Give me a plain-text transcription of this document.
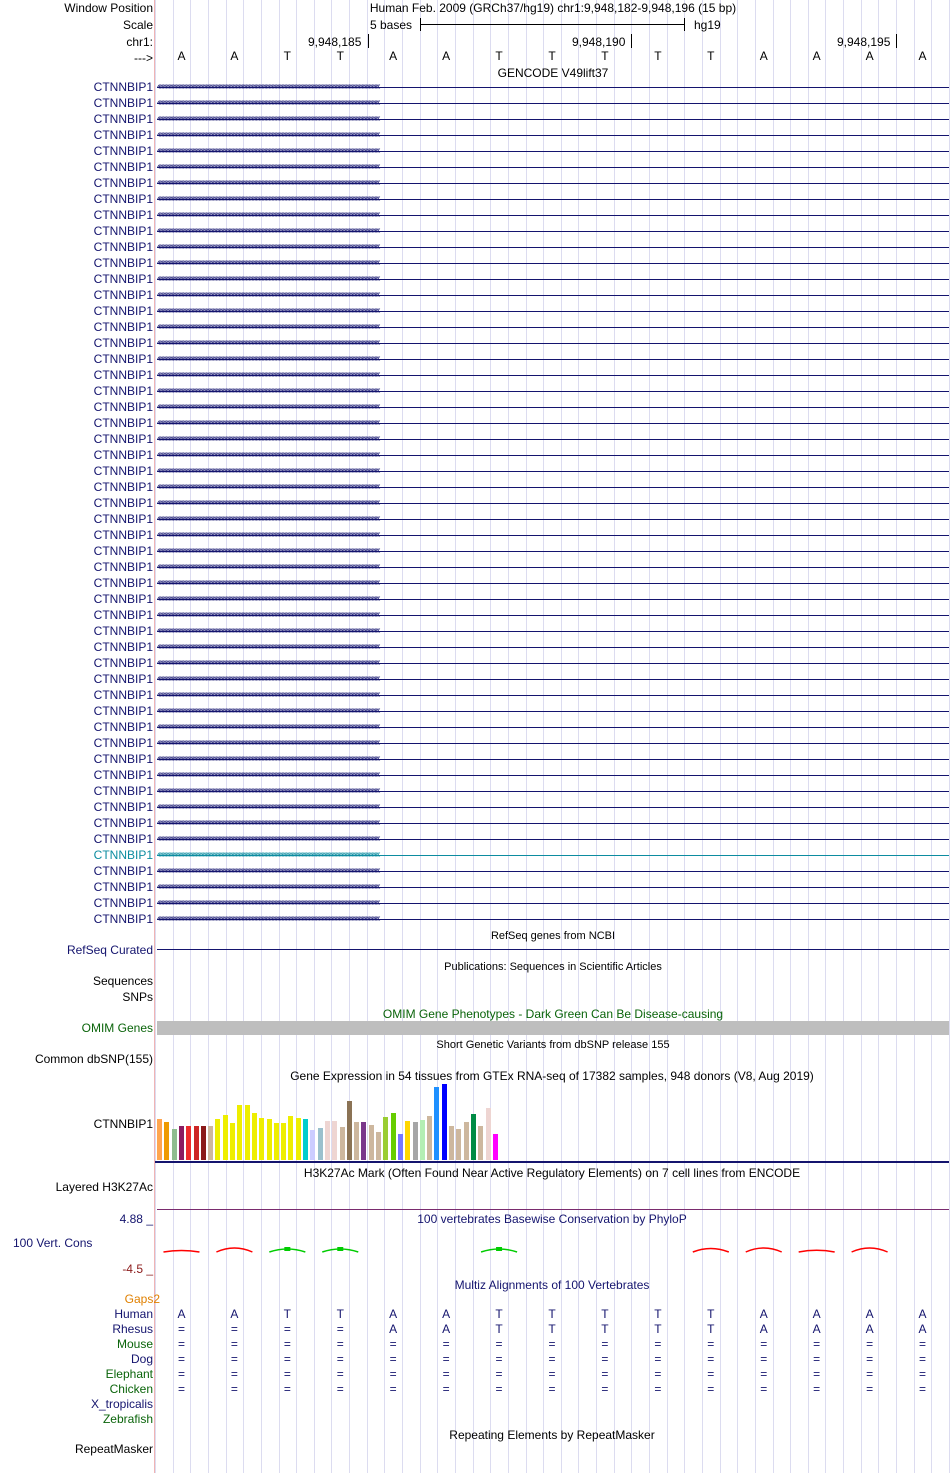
Window Position
Scale
chr1:
--->
Human Feb. 2009 (GRCh37/hg19) chr1:9,948,182-9,948,196 (15 bp)
5 bases	hg19
9,948,185	9,948,190	9,948,195
A	A	T	T	A	A	T	T	T	T	T	A	A	A	A
GENCODE V49lift37
CTNNBIP1 ‹‹‹‹‹‹‹‹‹‹‹‹‹‹‹‹‹‹‹‹‹‹‹‹‹‹‹‹‹‹‹‹‹‹‹‹‹‹‹‹‹‹‹‹‹‹‹‹‹‹‹‹‹‹‹‹‹‹‹‹‹‹‹‹‹‹‹‹‹‹‹‹‹‹‹‹‹‹‹‹‹‹‹‹‹‹‹‹‹‹‹‹‹‹‹‹‹‹‹‹‹‹‹‹‹‹‹‹‹‹‹‹‹‹‹‹‹‹‹‹‹‹‹‹‹‹‹‹‹‹‹‹‹‹‹‹‹‹‹‹‹‹‹‹‹‹‹‹‹‹‹‹‹‹‹
CTNNBIP1 ‹‹‹‹‹‹‹‹‹‹‹‹‹‹‹‹‹‹‹‹‹‹‹‹‹‹‹‹‹‹‹‹‹‹‹‹‹‹‹‹‹‹‹‹‹‹‹‹‹‹‹‹‹‹‹‹‹‹‹‹‹‹‹‹‹‹‹‹‹‹‹‹‹‹‹‹‹‹‹‹‹‹‹‹‹‹‹‹‹‹‹‹‹‹‹‹‹‹‹‹‹‹‹‹‹‹‹‹‹‹‹‹‹‹‹‹‹‹‹‹‹‹‹‹‹‹‹‹‹‹‹‹‹‹‹‹‹‹‹‹‹‹‹‹‹‹‹‹‹‹‹‹‹‹‹
CTNNBIP1 ‹‹‹‹‹‹‹‹‹‹‹‹‹‹‹‹‹‹‹‹‹‹‹‹‹‹‹‹‹‹‹‹‹‹‹‹‹‹‹‹‹‹‹‹‹‹‹‹‹‹‹‹‹‹‹‹‹‹‹‹‹‹‹‹‹‹‹‹‹‹‹‹‹‹‹‹‹‹‹‹‹‹‹‹‹‹‹‹‹‹‹‹‹‹‹‹‹‹‹‹‹‹‹‹‹‹‹‹‹‹‹‹‹‹‹‹‹‹‹‹‹‹‹‹‹‹‹‹‹‹‹‹‹‹‹‹‹‹‹‹‹‹‹‹‹‹‹‹‹‹‹‹‹‹‹
CTNNBIP1 ‹‹‹‹‹‹‹‹‹‹‹‹‹‹‹‹‹‹‹‹‹‹‹‹‹‹‹‹‹‹‹‹‹‹‹‹‹‹‹‹‹‹‹‹‹‹‹‹‹‹‹‹‹‹‹‹‹‹‹‹‹‹‹‹‹‹‹‹‹‹‹‹‹‹‹‹‹‹‹‹‹‹‹‹‹‹‹‹‹‹‹‹‹‹‹‹‹‹‹‹‹‹‹‹‹‹‹‹‹‹‹‹‹‹‹‹‹‹‹‹‹‹‹‹‹‹‹‹‹‹‹‹‹‹‹‹‹‹‹‹‹‹‹‹‹‹‹‹‹‹‹‹‹‹‹
CTNNBIP1 ‹‹‹‹‹‹‹‹‹‹‹‹‹‹‹‹‹‹‹‹‹‹‹‹‹‹‹‹‹‹‹‹‹‹‹‹‹‹‹‹‹‹‹‹‹‹‹‹‹‹‹‹‹‹‹‹‹‹‹‹‹‹‹‹‹‹‹‹‹‹‹‹‹‹‹‹‹‹‹‹‹‹‹‹‹‹‹‹‹‹‹‹‹‹‹‹‹‹‹‹‹‹‹‹‹‹‹‹‹‹‹‹‹‹‹‹‹‹‹‹‹‹‹‹‹‹‹‹‹‹‹‹‹‹‹‹‹‹‹‹‹‹‹‹‹‹‹‹‹‹‹‹‹‹‹
CTNNBIP1 ‹‹‹‹‹‹‹‹‹‹‹‹‹‹‹‹‹‹‹‹‹‹‹‹‹‹‹‹‹‹‹‹‹‹‹‹‹‹‹‹‹‹‹‹‹‹‹‹‹‹‹‹‹‹‹‹‹‹‹‹‹‹‹‹‹‹‹‹‹‹‹‹‹‹‹‹‹‹‹‹‹‹‹‹‹‹‹‹‹‹‹‹‹‹‹‹‹‹‹‹‹‹‹‹‹‹‹‹‹‹‹‹‹‹‹‹‹‹‹‹‹‹‹‹‹‹‹‹‹‹‹‹‹‹‹‹‹‹‹‹‹‹‹‹‹‹‹‹‹‹‹‹‹‹‹
CTNNBIP1 ‹‹‹‹‹‹‹‹‹‹‹‹‹‹‹‹‹‹‹‹‹‹‹‹‹‹‹‹‹‹‹‹‹‹‹‹‹‹‹‹‹‹‹‹‹‹‹‹‹‹‹‹‹‹‹‹‹‹‹‹‹‹‹‹‹‹‹‹‹‹‹‹‹‹‹‹‹‹‹‹‹‹‹‹‹‹‹‹‹‹‹‹‹‹‹‹‹‹‹‹‹‹‹‹‹‹‹‹‹‹‹‹‹‹‹‹‹‹‹‹‹‹‹‹‹‹‹‹‹‹‹‹‹‹‹‹‹‹‹‹‹‹‹‹‹‹‹‹‹‹‹‹‹‹‹
CTNNBIP1 ‹‹‹‹‹‹‹‹‹‹‹‹‹‹‹‹‹‹‹‹‹‹‹‹‹‹‹‹‹‹‹‹‹‹‹‹‹‹‹‹‹‹‹‹‹‹‹‹‹‹‹‹‹‹‹‹‹‹‹‹‹‹‹‹‹‹‹‹‹‹‹‹‹‹‹‹‹‹‹‹‹‹‹‹‹‹‹‹‹‹‹‹‹‹‹‹‹‹‹‹‹‹‹‹‹‹‹‹‹‹‹‹‹‹‹‹‹‹‹‹‹‹‹‹‹‹‹‹‹‹‹‹‹‹‹‹‹‹‹‹‹‹‹‹‹‹‹‹‹‹‹‹‹‹‹
CTNNBIP1 ‹‹‹‹‹‹‹‹‹‹‹‹‹‹‹‹‹‹‹‹‹‹‹‹‹‹‹‹‹‹‹‹‹‹‹‹‹‹‹‹‹‹‹‹‹‹‹‹‹‹‹‹‹‹‹‹‹‹‹‹‹‹‹‹‹‹‹‹‹‹‹‹‹‹‹‹‹‹‹‹‹‹‹‹‹‹‹‹‹‹‹‹‹‹‹‹‹‹‹‹‹‹‹‹‹‹‹‹‹‹‹‹‹‹‹‹‹‹‹‹‹‹‹‹‹‹‹‹‹‹‹‹‹‹‹‹‹‹‹‹‹‹‹‹‹‹‹‹‹‹‹‹‹‹‹
CTNNBIP1 ‹‹‹‹‹‹‹‹‹‹‹‹‹‹‹‹‹‹‹‹‹‹‹‹‹‹‹‹‹‹‹‹‹‹‹‹‹‹‹‹‹‹‹‹‹‹‹‹‹‹‹‹‹‹‹‹‹‹‹‹‹‹‹‹‹‹‹‹‹‹‹‹‹‹‹‹‹‹‹‹‹‹‹‹‹‹‹‹‹‹‹‹‹‹‹‹‹‹‹‹‹‹‹‹‹‹‹‹‹‹‹‹‹‹‹‹‹‹‹‹‹‹‹‹‹‹‹‹‹‹‹‹‹‹‹‹‹‹‹‹‹‹‹‹‹‹‹‹‹‹‹‹‹‹‹
CTNNBIP1 ‹‹‹‹‹‹‹‹‹‹‹‹‹‹‹‹‹‹‹‹‹‹‹‹‹‹‹‹‹‹‹‹‹‹‹‹‹‹‹‹‹‹‹‹‹‹‹‹‹‹‹‹‹‹‹‹‹‹‹‹‹‹‹‹‹‹‹‹‹‹‹‹‹‹‹‹‹‹‹‹‹‹‹‹‹‹‹‹‹‹‹‹‹‹‹‹‹‹‹‹‹‹‹‹‹‹‹‹‹‹‹‹‹‹‹‹‹‹‹‹‹‹‹‹‹‹‹‹‹‹‹‹‹‹‹‹‹‹‹‹‹‹‹‹‹‹‹‹‹‹‹‹‹‹‹
CTNNBIP1 ‹‹‹‹‹‹‹‹‹‹‹‹‹‹‹‹‹‹‹‹‹‹‹‹‹‹‹‹‹‹‹‹‹‹‹‹‹‹‹‹‹‹‹‹‹‹‹‹‹‹‹‹‹‹‹‹‹‹‹‹‹‹‹‹‹‹‹‹‹‹‹‹‹‹‹‹‹‹‹‹‹‹‹‹‹‹‹‹‹‹‹‹‹‹‹‹‹‹‹‹‹‹‹‹‹‹‹‹‹‹‹‹‹‹‹‹‹‹‹‹‹‹‹‹‹‹‹‹‹‹‹‹‹‹‹‹‹‹‹‹‹‹‹‹‹‹‹‹‹‹‹‹‹‹‹
CTNNBIP1 ‹‹‹‹‹‹‹‹‹‹‹‹‹‹‹‹‹‹‹‹‹‹‹‹‹‹‹‹‹‹‹‹‹‹‹‹‹‹‹‹‹‹‹‹‹‹‹‹‹‹‹‹‹‹‹‹‹‹‹‹‹‹‹‹‹‹‹‹‹‹‹‹‹‹‹‹‹‹‹‹‹‹‹‹‹‹‹‹‹‹‹‹‹‹‹‹‹‹‹‹‹‹‹‹‹‹‹‹‹‹‹‹‹‹‹‹‹‹‹‹‹‹‹‹‹‹‹‹‹‹‹‹‹‹‹‹‹‹‹‹‹‹‹‹‹‹‹‹‹‹‹‹‹‹‹
CTNNBIP1 ‹‹‹‹‹‹‹‹‹‹‹‹‹‹‹‹‹‹‹‹‹‹‹‹‹‹‹‹‹‹‹‹‹‹‹‹‹‹‹‹‹‹‹‹‹‹‹‹‹‹‹‹‹‹‹‹‹‹‹‹‹‹‹‹‹‹‹‹‹‹‹‹‹‹‹‹‹‹‹‹‹‹‹‹‹‹‹‹‹‹‹‹‹‹‹‹‹‹‹‹‹‹‹‹‹‹‹‹‹‹‹‹‹‹‹‹‹‹‹‹‹‹‹‹‹‹‹‹‹‹‹‹‹‹‹‹‹‹‹‹‹‹‹‹‹‹‹‹‹‹‹‹‹‹‹
CTNNBIP1 ‹‹‹‹‹‹‹‹‹‹‹‹‹‹‹‹‹‹‹‹‹‹‹‹‹‹‹‹‹‹‹‹‹‹‹‹‹‹‹‹‹‹‹‹‹‹‹‹‹‹‹‹‹‹‹‹‹‹‹‹‹‹‹‹‹‹‹‹‹‹‹‹‹‹‹‹‹‹‹‹‹‹‹‹‹‹‹‹‹‹‹‹‹‹‹‹‹‹‹‹‹‹‹‹‹‹‹‹‹‹‹‹‹‹‹‹‹‹‹‹‹‹‹‹‹‹‹‹‹‹‹‹‹‹‹‹‹‹‹‹‹‹‹‹‹‹‹‹‹‹‹‹‹‹‹
CTNNBIP1 ‹‹‹‹‹‹‹‹‹‹‹‹‹‹‹‹‹‹‹‹‹‹‹‹‹‹‹‹‹‹‹‹‹‹‹‹‹‹‹‹‹‹‹‹‹‹‹‹‹‹‹‹‹‹‹‹‹‹‹‹‹‹‹‹‹‹‹‹‹‹‹‹‹‹‹‹‹‹‹‹‹‹‹‹‹‹‹‹‹‹‹‹‹‹‹‹‹‹‹‹‹‹‹‹‹‹‹‹‹‹‹‹‹‹‹‹‹‹‹‹‹‹‹‹‹‹‹‹‹‹‹‹‹‹‹‹‹‹‹‹‹‹‹‹‹‹‹‹‹‹‹‹‹‹‹
CTNNBIP1 ‹‹‹‹‹‹‹‹‹‹‹‹‹‹‹‹‹‹‹‹‹‹‹‹‹‹‹‹‹‹‹‹‹‹‹‹‹‹‹‹‹‹‹‹‹‹‹‹‹‹‹‹‹‹‹‹‹‹‹‹‹‹‹‹‹‹‹‹‹‹‹‹‹‹‹‹‹‹‹‹‹‹‹‹‹‹‹‹‹‹‹‹‹‹‹‹‹‹‹‹‹‹‹‹‹‹‹‹‹‹‹‹‹‹‹‹‹‹‹‹‹‹‹‹‹‹‹‹‹‹‹‹‹‹‹‹‹‹‹‹‹‹‹‹‹‹‹‹‹‹‹‹‹‹‹
CTNNBIP1 ‹‹‹‹‹‹‹‹‹‹‹‹‹‹‹‹‹‹‹‹‹‹‹‹‹‹‹‹‹‹‹‹‹‹‹‹‹‹‹‹‹‹‹‹‹‹‹‹‹‹‹‹‹‹‹‹‹‹‹‹‹‹‹‹‹‹‹‹‹‹‹‹‹‹‹‹‹‹‹‹‹‹‹‹‹‹‹‹‹‹‹‹‹‹‹‹‹‹‹‹‹‹‹‹‹‹‹‹‹‹‹‹‹‹‹‹‹‹‹‹‹‹‹‹‹‹‹‹‹‹‹‹‹‹‹‹‹‹‹‹‹‹‹‹‹‹‹‹‹‹‹‹‹‹‹
CTNNBIP1 ‹‹‹‹‹‹‹‹‹‹‹‹‹‹‹‹‹‹‹‹‹‹‹‹‹‹‹‹‹‹‹‹‹‹‹‹‹‹‹‹‹‹‹‹‹‹‹‹‹‹‹‹‹‹‹‹‹‹‹‹‹‹‹‹‹‹‹‹‹‹‹‹‹‹‹‹‹‹‹‹‹‹‹‹‹‹‹‹‹‹‹‹‹‹‹‹‹‹‹‹‹‹‹‹‹‹‹‹‹‹‹‹‹‹‹‹‹‹‹‹‹‹‹‹‹‹‹‹‹‹‹‹‹‹‹‹‹‹‹‹‹‹‹‹‹‹‹‹‹‹‹‹‹‹‹
CTNNBIP1 ‹‹‹‹‹‹‹‹‹‹‹‹‹‹‹‹‹‹‹‹‹‹‹‹‹‹‹‹‹‹‹‹‹‹‹‹‹‹‹‹‹‹‹‹‹‹‹‹‹‹‹‹‹‹‹‹‹‹‹‹‹‹‹‹‹‹‹‹‹‹‹‹‹‹‹‹‹‹‹‹‹‹‹‹‹‹‹‹‹‹‹‹‹‹‹‹‹‹‹‹‹‹‹‹‹‹‹‹‹‹‹‹‹‹‹‹‹‹‹‹‹‹‹‹‹‹‹‹‹‹‹‹‹‹‹‹‹‹‹‹‹‹‹‹‹‹‹‹‹‹‹‹‹‹‹
CTNNBIP1 ‹‹‹‹‹‹‹‹‹‹‹‹‹‹‹‹‹‹‹‹‹‹‹‹‹‹‹‹‹‹‹‹‹‹‹‹‹‹‹‹‹‹‹‹‹‹‹‹‹‹‹‹‹‹‹‹‹‹‹‹‹‹‹‹‹‹‹‹‹‹‹‹‹‹‹‹‹‹‹‹‹‹‹‹‹‹‹‹‹‹‹‹‹‹‹‹‹‹‹‹‹‹‹‹‹‹‹‹‹‹‹‹‹‹‹‹‹‹‹‹‹‹‹‹‹‹‹‹‹‹‹‹‹‹‹‹‹‹‹‹‹‹‹‹‹‹‹‹‹‹‹‹‹‹‹
CTNNBIP1 ‹‹‹‹‹‹‹‹‹‹‹‹‹‹‹‹‹‹‹‹‹‹‹‹‹‹‹‹‹‹‹‹‹‹‹‹‹‹‹‹‹‹‹‹‹‹‹‹‹‹‹‹‹‹‹‹‹‹‹‹‹‹‹‹‹‹‹‹‹‹‹‹‹‹‹‹‹‹‹‹‹‹‹‹‹‹‹‹‹‹‹‹‹‹‹‹‹‹‹‹‹‹‹‹‹‹‹‹‹‹‹‹‹‹‹‹‹‹‹‹‹‹‹‹‹‹‹‹‹‹‹‹‹‹‹‹‹‹‹‹‹‹‹‹‹‹‹‹‹‹‹‹‹‹‹
CTNNBIP1 ‹‹‹‹‹‹‹‹‹‹‹‹‹‹‹‹‹‹‹‹‹‹‹‹‹‹‹‹‹‹‹‹‹‹‹‹‹‹‹‹‹‹‹‹‹‹‹‹‹‹‹‹‹‹‹‹‹‹‹‹‹‹‹‹‹‹‹‹‹‹‹‹‹‹‹‹‹‹‹‹‹‹‹‹‹‹‹‹‹‹‹‹‹‹‹‹‹‹‹‹‹‹‹‹‹‹‹‹‹‹‹‹‹‹‹‹‹‹‹‹‹‹‹‹‹‹‹‹‹‹‹‹‹‹‹‹‹‹‹‹‹‹‹‹‹‹‹‹‹‹‹‹‹‹‹
CTNNBIP1 ‹‹‹‹‹‹‹‹‹‹‹‹‹‹‹‹‹‹‹‹‹‹‹‹‹‹‹‹‹‹‹‹‹‹‹‹‹‹‹‹‹‹‹‹‹‹‹‹‹‹‹‹‹‹‹‹‹‹‹‹‹‹‹‹‹‹‹‹‹‹‹‹‹‹‹‹‹‹‹‹‹‹‹‹‹‹‹‹‹‹‹‹‹‹‹‹‹‹‹‹‹‹‹‹‹‹‹‹‹‹‹‹‹‹‹‹‹‹‹‹‹‹‹‹‹‹‹‹‹‹‹‹‹‹‹‹‹‹‹‹‹‹‹‹‹‹‹‹‹‹‹‹‹‹‹
CTNNBIP1 ‹‹‹‹‹‹‹‹‹‹‹‹‹‹‹‹‹‹‹‹‹‹‹‹‹‹‹‹‹‹‹‹‹‹‹‹‹‹‹‹‹‹‹‹‹‹‹‹‹‹‹‹‹‹‹‹‹‹‹‹‹‹‹‹‹‹‹‹‹‹‹‹‹‹‹‹‹‹‹‹‹‹‹‹‹‹‹‹‹‹‹‹‹‹‹‹‹‹‹‹‹‹‹‹‹‹‹‹‹‹‹‹‹‹‹‹‹‹‹‹‹‹‹‹‹‹‹‹‹‹‹‹‹‹‹‹‹‹‹‹‹‹‹‹‹‹‹‹‹‹‹‹‹‹‹
CTNNBIP1 ‹‹‹‹‹‹‹‹‹‹‹‹‹‹‹‹‹‹‹‹‹‹‹‹‹‹‹‹‹‹‹‹‹‹‹‹‹‹‹‹‹‹‹‹‹‹‹‹‹‹‹‹‹‹‹‹‹‹‹‹‹‹‹‹‹‹‹‹‹‹‹‹‹‹‹‹‹‹‹‹‹‹‹‹‹‹‹‹‹‹‹‹‹‹‹‹‹‹‹‹‹‹‹‹‹‹‹‹‹‹‹‹‹‹‹‹‹‹‹‹‹‹‹‹‹‹‹‹‹‹‹‹‹‹‹‹‹‹‹‹‹‹‹‹‹‹‹‹‹‹‹‹‹‹‹
CTNNBIP1 ‹‹‹‹‹‹‹‹‹‹‹‹‹‹‹‹‹‹‹‹‹‹‹‹‹‹‹‹‹‹‹‹‹‹‹‹‹‹‹‹‹‹‹‹‹‹‹‹‹‹‹‹‹‹‹‹‹‹‹‹‹‹‹‹‹‹‹‹‹‹‹‹‹‹‹‹‹‹‹‹‹‹‹‹‹‹‹‹‹‹‹‹‹‹‹‹‹‹‹‹‹‹‹‹‹‹‹‹‹‹‹‹‹‹‹‹‹‹‹‹‹‹‹‹‹‹‹‹‹‹‹‹‹‹‹‹‹‹‹‹‹‹‹‹‹‹‹‹‹‹‹‹‹‹‹
CTNNBIP1 ‹‹‹‹‹‹‹‹‹‹‹‹‹‹‹‹‹‹‹‹‹‹‹‹‹‹‹‹‹‹‹‹‹‹‹‹‹‹‹‹‹‹‹‹‹‹‹‹‹‹‹‹‹‹‹‹‹‹‹‹‹‹‹‹‹‹‹‹‹‹‹‹‹‹‹‹‹‹‹‹‹‹‹‹‹‹‹‹‹‹‹‹‹‹‹‹‹‹‹‹‹‹‹‹‹‹‹‹‹‹‹‹‹‹‹‹‹‹‹‹‹‹‹‹‹‹‹‹‹‹‹‹‹‹‹‹‹‹‹‹‹‹‹‹‹‹‹‹‹‹‹‹‹‹‹
CTNNBIP1 ‹‹‹‹‹‹‹‹‹‹‹‹‹‹‹‹‹‹‹‹‹‹‹‹‹‹‹‹‹‹‹‹‹‹‹‹‹‹‹‹‹‹‹‹‹‹‹‹‹‹‹‹‹‹‹‹‹‹‹‹‹‹‹‹‹‹‹‹‹‹‹‹‹‹‹‹‹‹‹‹‹‹‹‹‹‹‹‹‹‹‹‹‹‹‹‹‹‹‹‹‹‹‹‹‹‹‹‹‹‹‹‹‹‹‹‹‹‹‹‹‹‹‹‹‹‹‹‹‹‹‹‹‹‹‹‹‹‹‹‹‹‹‹‹‹‹‹‹‹‹‹‹‹‹‹
CTNNBIP1 ‹‹‹‹‹‹‹‹‹‹‹‹‹‹‹‹‹‹‹‹‹‹‹‹‹‹‹‹‹‹‹‹‹‹‹‹‹‹‹‹‹‹‹‹‹‹‹‹‹‹‹‹‹‹‹‹‹‹‹‹‹‹‹‹‹‹‹‹‹‹‹‹‹‹‹‹‹‹‹‹‹‹‹‹‹‹‹‹‹‹‹‹‹‹‹‹‹‹‹‹‹‹‹‹‹‹‹‹‹‹‹‹‹‹‹‹‹‹‹‹‹‹‹‹‹‹‹‹‹‹‹‹‹‹‹‹‹‹‹‹‹‹‹‹‹‹‹‹‹‹‹‹‹‹‹
CTNNBIP1 ‹‹‹‹‹‹‹‹‹‹‹‹‹‹‹‹‹‹‹‹‹‹‹‹‹‹‹‹‹‹‹‹‹‹‹‹‹‹‹‹‹‹‹‹‹‹‹‹‹‹‹‹‹‹‹‹‹‹‹‹‹‹‹‹‹‹‹‹‹‹‹‹‹‹‹‹‹‹‹‹‹‹‹‹‹‹‹‹‹‹‹‹‹‹‹‹‹‹‹‹‹‹‹‹‹‹‹‹‹‹‹‹‹‹‹‹‹‹‹‹‹‹‹‹‹‹‹‹‹‹‹‹‹‹‹‹‹‹‹‹‹‹‹‹‹‹‹‹‹‹‹‹‹‹‹
CTNNBIP1 ‹‹‹‹‹‹‹‹‹‹‹‹‹‹‹‹‹‹‹‹‹‹‹‹‹‹‹‹‹‹‹‹‹‹‹‹‹‹‹‹‹‹‹‹‹‹‹‹‹‹‹‹‹‹‹‹‹‹‹‹‹‹‹‹‹‹‹‹‹‹‹‹‹‹‹‹‹‹‹‹‹‹‹‹‹‹‹‹‹‹‹‹‹‹‹‹‹‹‹‹‹‹‹‹‹‹‹‹‹‹‹‹‹‹‹‹‹‹‹‹‹‹‹‹‹‹‹‹‹‹‹‹‹‹‹‹‹‹‹‹‹‹‹‹‹‹‹‹‹‹‹‹‹‹‹
CTNNBIP1 ‹‹‹‹‹‹‹‹‹‹‹‹‹‹‹‹‹‹‹‹‹‹‹‹‹‹‹‹‹‹‹‹‹‹‹‹‹‹‹‹‹‹‹‹‹‹‹‹‹‹‹‹‹‹‹‹‹‹‹‹‹‹‹‹‹‹‹‹‹‹‹‹‹‹‹‹‹‹‹‹‹‹‹‹‹‹‹‹‹‹‹‹‹‹‹‹‹‹‹‹‹‹‹‹‹‹‹‹‹‹‹‹‹‹‹‹‹‹‹‹‹‹‹‹‹‹‹‹‹‹‹‹‹‹‹‹‹‹‹‹‹‹‹‹‹‹‹‹‹‹‹‹‹‹‹
CTNNBIP1 ‹‹‹‹‹‹‹‹‹‹‹‹‹‹‹‹‹‹‹‹‹‹‹‹‹‹‹‹‹‹‹‹‹‹‹‹‹‹‹‹‹‹‹‹‹‹‹‹‹‹‹‹‹‹‹‹‹‹‹‹‹‹‹‹‹‹‹‹‹‹‹‹‹‹‹‹‹‹‹‹‹‹‹‹‹‹‹‹‹‹‹‹‹‹‹‹‹‹‹‹‹‹‹‹‹‹‹‹‹‹‹‹‹‹‹‹‹‹‹‹‹‹‹‹‹‹‹‹‹‹‹‹‹‹‹‹‹‹‹‹‹‹‹‹‹‹‹‹‹‹‹‹‹‹‹
CTNNBIP1 ‹‹‹‹‹‹‹‹‹‹‹‹‹‹‹‹‹‹‹‹‹‹‹‹‹‹‹‹‹‹‹‹‹‹‹‹‹‹‹‹‹‹‹‹‹‹‹‹‹‹‹‹‹‹‹‹‹‹‹‹‹‹‹‹‹‹‹‹‹‹‹‹‹‹‹‹‹‹‹‹‹‹‹‹‹‹‹‹‹‹‹‹‹‹‹‹‹‹‹‹‹‹‹‹‹‹‹‹‹‹‹‹‹‹‹‹‹‹‹‹‹‹‹‹‹‹‹‹‹‹‹‹‹‹‹‹‹‹‹‹‹‹‹‹‹‹‹‹‹‹‹‹‹‹‹
CTNNBIP1 ‹‹‹‹‹‹‹‹‹‹‹‹‹‹‹‹‹‹‹‹‹‹‹‹‹‹‹‹‹‹‹‹‹‹‹‹‹‹‹‹‹‹‹‹‹‹‹‹‹‹‹‹‹‹‹‹‹‹‹‹‹‹‹‹‹‹‹‹‹‹‹‹‹‹‹‹‹‹‹‹‹‹‹‹‹‹‹‹‹‹‹‹‹‹‹‹‹‹‹‹‹‹‹‹‹‹‹‹‹‹‹‹‹‹‹‹‹‹‹‹‹‹‹‹‹‹‹‹‹‹‹‹‹‹‹‹‹‹‹‹‹‹‹‹‹‹‹‹‹‹‹‹‹‹‹
CTNNBIP1 ‹‹‹‹‹‹‹‹‹‹‹‹‹‹‹‹‹‹‹‹‹‹‹‹‹‹‹‹‹‹‹‹‹‹‹‹‹‹‹‹‹‹‹‹‹‹‹‹‹‹‹‹‹‹‹‹‹‹‹‹‹‹‹‹‹‹‹‹‹‹‹‹‹‹‹‹‹‹‹‹‹‹‹‹‹‹‹‹‹‹‹‹‹‹‹‹‹‹‹‹‹‹‹‹‹‹‹‹‹‹‹‹‹‹‹‹‹‹‹‹‹‹‹‹‹‹‹‹‹‹‹‹‹‹‹‹‹‹‹‹‹‹‹‹‹‹‹‹‹‹‹‹‹‹‹
CTNNBIP1 ‹‹‹‹‹‹‹‹‹‹‹‹‹‹‹‹‹‹‹‹‹‹‹‹‹‹‹‹‹‹‹‹‹‹‹‹‹‹‹‹‹‹‹‹‹‹‹‹‹‹‹‹‹‹‹‹‹‹‹‹‹‹‹‹‹‹‹‹‹‹‹‹‹‹‹‹‹‹‹‹‹‹‹‹‹‹‹‹‹‹‹‹‹‹‹‹‹‹‹‹‹‹‹‹‹‹‹‹‹‹‹‹‹‹‹‹‹‹‹‹‹‹‹‹‹‹‹‹‹‹‹‹‹‹‹‹‹‹‹‹‹‹‹‹‹‹‹‹‹‹‹‹‹‹‹
CTNNBIP1 ‹‹‹‹‹‹‹‹‹‹‹‹‹‹‹‹‹‹‹‹‹‹‹‹‹‹‹‹‹‹‹‹‹‹‹‹‹‹‹‹‹‹‹‹‹‹‹‹‹‹‹‹‹‹‹‹‹‹‹‹‹‹‹‹‹‹‹‹‹‹‹‹‹‹‹‹‹‹‹‹‹‹‹‹‹‹‹‹‹‹‹‹‹‹‹‹‹‹‹‹‹‹‹‹‹‹‹‹‹‹‹‹‹‹‹‹‹‹‹‹‹‹‹‹‹‹‹‹‹‹‹‹‹‹‹‹‹‹‹‹‹‹‹‹‹‹‹‹‹‹‹‹‹‹‹
CTNNBIP1 ‹‹‹‹‹‹‹‹‹‹‹‹‹‹‹‹‹‹‹‹‹‹‹‹‹‹‹‹‹‹‹‹‹‹‹‹‹‹‹‹‹‹‹‹‹‹‹‹‹‹‹‹‹‹‹‹‹‹‹‹‹‹‹‹‹‹‹‹‹‹‹‹‹‹‹‹‹‹‹‹‹‹‹‹‹‹‹‹‹‹‹‹‹‹‹‹‹‹‹‹‹‹‹‹‹‹‹‹‹‹‹‹‹‹‹‹‹‹‹‹‹‹‹‹‹‹‹‹‹‹‹‹‹‹‹‹‹‹‹‹‹‹‹‹‹‹‹‹‹‹‹‹‹‹‹
CTNNBIP1 ‹‹‹‹‹‹‹‹‹‹‹‹‹‹‹‹‹‹‹‹‹‹‹‹‹‹‹‹‹‹‹‹‹‹‹‹‹‹‹‹‹‹‹‹‹‹‹‹‹‹‹‹‹‹‹‹‹‹‹‹‹‹‹‹‹‹‹‹‹‹‹‹‹‹‹‹‹‹‹‹‹‹‹‹‹‹‹‹‹‹‹‹‹‹‹‹‹‹‹‹‹‹‹‹‹‹‹‹‹‹‹‹‹‹‹‹‹‹‹‹‹‹‹‹‹‹‹‹‹‹‹‹‹‹‹‹‹‹‹‹‹‹‹‹‹‹‹‹‹‹‹‹‹‹‹
CTNNBIP1 ‹‹‹‹‹‹‹‹‹‹‹‹‹‹‹‹‹‹‹‹‹‹‹‹‹‹‹‹‹‹‹‹‹‹‹‹‹‹‹‹‹‹‹‹‹‹‹‹‹‹‹‹‹‹‹‹‹‹‹‹‹‹‹‹‹‹‹‹‹‹‹‹‹‹‹‹‹‹‹‹‹‹‹‹‹‹‹‹‹‹‹‹‹‹‹‹‹‹‹‹‹‹‹‹‹‹‹‹‹‹‹‹‹‹‹‹‹‹‹‹‹‹‹‹‹‹‹‹‹‹‹‹‹‹‹‹‹‹‹‹‹‹‹‹‹‹‹‹‹‹‹‹‹‹‹
CTNNBIP1 ‹‹‹‹‹‹‹‹‹‹‹‹‹‹‹‹‹‹‹‹‹‹‹‹‹‹‹‹‹‹‹‹‹‹‹‹‹‹‹‹‹‹‹‹‹‹‹‹‹‹‹‹‹‹‹‹‹‹‹‹‹‹‹‹‹‹‹‹‹‹‹‹‹‹‹‹‹‹‹‹‹‹‹‹‹‹‹‹‹‹‹‹‹‹‹‹‹‹‹‹‹‹‹‹‹‹‹‹‹‹‹‹‹‹‹‹‹‹‹‹‹‹‹‹‹‹‹‹‹‹‹‹‹‹‹‹‹‹‹‹‹‹‹‹‹‹‹‹‹‹‹‹‹‹‹
CTNNBIP1 ‹‹‹‹‹‹‹‹‹‹‹‹‹‹‹‹‹‹‹‹‹‹‹‹‹‹‹‹‹‹‹‹‹‹‹‹‹‹‹‹‹‹‹‹‹‹‹‹‹‹‹‹‹‹‹‹‹‹‹‹‹‹‹‹‹‹‹‹‹‹‹‹‹‹‹‹‹‹‹‹‹‹‹‹‹‹‹‹‹‹‹‹‹‹‹‹‹‹‹‹‹‹‹‹‹‹‹‹‹‹‹‹‹‹‹‹‹‹‹‹‹‹‹‹‹‹‹‹‹‹‹‹‹‹‹‹‹‹‹‹‹‹‹‹‹‹‹‹‹‹‹‹‹‹‹
CTNNBIP1 ‹‹‹‹‹‹‹‹‹‹‹‹‹‹‹‹‹‹‹‹‹‹‹‹‹‹‹‹‹‹‹‹‹‹‹‹‹‹‹‹‹‹‹‹‹‹‹‹‹‹‹‹‹‹‹‹‹‹‹‹‹‹‹‹‹‹‹‹‹‹‹‹‹‹‹‹‹‹‹‹‹‹‹‹‹‹‹‹‹‹‹‹‹‹‹‹‹‹‹‹‹‹‹‹‹‹‹‹‹‹‹‹‹‹‹‹‹‹‹‹‹‹‹‹‹‹‹‹‹‹‹‹‹‹‹‹‹‹‹‹‹‹‹‹‹‹‹‹‹‹‹‹‹‹‹
CTNNBIP1 ‹‹‹‹‹‹‹‹‹‹‹‹‹‹‹‹‹‹‹‹‹‹‹‹‹‹‹‹‹‹‹‹‹‹‹‹‹‹‹‹‹‹‹‹‹‹‹‹‹‹‹‹‹‹‹‹‹‹‹‹‹‹‹‹‹‹‹‹‹‹‹‹‹‹‹‹‹‹‹‹‹‹‹‹‹‹‹‹‹‹‹‹‹‹‹‹‹‹‹‹‹‹‹‹‹‹‹‹‹‹‹‹‹‹‹‹‹‹‹‹‹‹‹‹‹‹‹‹‹‹‹‹‹‹‹‹‹‹‹‹‹‹‹‹‹‹‹‹‹‹‹‹‹‹‹
CTNNBIP1 ‹‹‹‹‹‹‹‹‹‹‹‹‹‹‹‹‹‹‹‹‹‹‹‹‹‹‹‹‹‹‹‹‹‹‹‹‹‹‹‹‹‹‹‹‹‹‹‹‹‹‹‹‹‹‹‹‹‹‹‹‹‹‹‹‹‹‹‹‹‹‹‹‹‹‹‹‹‹‹‹‹‹‹‹‹‹‹‹‹‹‹‹‹‹‹‹‹‹‹‹‹‹‹‹‹‹‹‹‹‹‹‹‹‹‹‹‹‹‹‹‹‹‹‹‹‹‹‹‹‹‹‹‹‹‹‹‹‹‹‹‹‹‹‹‹‹‹‹‹‹‹‹‹‹‹
CTNNBIP1 ‹‹‹‹‹‹‹‹‹‹‹‹‹‹‹‹‹‹‹‹‹‹‹‹‹‹‹‹‹‹‹‹‹‹‹‹‹‹‹‹‹‹‹‹‹‹‹‹‹‹‹‹‹‹‹‹‹‹‹‹‹‹‹‹‹‹‹‹‹‹‹‹‹‹‹‹‹‹‹‹‹‹‹‹‹‹‹‹‹‹‹‹‹‹‹‹‹‹‹‹‹‹‹‹‹‹‹‹‹‹‹‹‹‹‹‹‹‹‹‹‹‹‹‹‹‹‹‹‹‹‹‹‹‹‹‹‹‹‹‹‹‹‹‹‹‹‹‹‹‹‹‹‹‹‹
CTNNBIP1 ‹‹‹‹‹‹‹‹‹‹‹‹‹‹‹‹‹‹‹‹‹‹‹‹‹‹‹‹‹‹‹‹‹‹‹‹‹‹‹‹‹‹‹‹‹‹‹‹‹‹‹‹‹‹‹‹‹‹‹‹‹‹‹‹‹‹‹‹‹‹‹‹‹‹‹‹‹‹‹‹‹‹‹‹‹‹‹‹‹‹‹‹‹‹‹‹‹‹‹‹‹‹‹‹‹‹‹‹‹‹‹‹‹‹‹‹‹‹‹‹‹‹‹‹‹‹‹‹‹‹‹‹‹‹‹‹‹‹‹‹‹‹‹‹‹‹‹‹‹‹‹‹‹‹‹
CTNNBIP1 ‹‹‹‹‹‹‹‹‹‹‹‹‹‹‹‹‹‹‹‹‹‹‹‹‹‹‹‹‹‹‹‹‹‹‹‹‹‹‹‹‹‹‹‹‹‹‹‹‹‹‹‹‹‹‹‹‹‹‹‹‹‹‹‹‹‹‹‹‹‹‹‹‹‹‹‹‹‹‹‹‹‹‹‹‹‹‹‹‹‹‹‹‹‹‹‹‹‹‹‹‹‹‹‹‹‹‹‹‹‹‹‹‹‹‹‹‹‹‹‹‹‹‹‹‹‹‹‹‹‹‹‹‹‹‹‹‹‹‹‹‹‹‹‹‹‹‹‹‹‹‹‹‹‹‹
CTNNBIP1 ‹‹‹‹‹‹‹‹‹‹‹‹‹‹‹‹‹‹‹‹‹‹‹‹‹‹‹‹‹‹‹‹‹‹‹‹‹‹‹‹‹‹‹‹‹‹‹‹‹‹‹‹‹‹‹‹‹‹‹‹‹‹‹‹‹‹‹‹‹‹‹‹‹‹‹‹‹‹‹‹‹‹‹‹‹‹‹‹‹‹‹‹‹‹‹‹‹‹‹‹‹‹‹‹‹‹‹‹‹‹‹‹‹‹‹‹‹‹‹‹‹‹‹‹‹‹‹‹‹‹‹‹‹‹‹‹‹‹‹‹‹‹‹‹‹‹‹‹‹‹‹‹‹‹‹
CTNNBIP1 ‹‹‹‹‹‹‹‹‹‹‹‹‹‹‹‹‹‹‹‹‹‹‹‹‹‹‹‹‹‹‹‹‹‹‹‹‹‹‹‹‹‹‹‹‹‹‹‹‹‹‹‹‹‹‹‹‹‹‹‹‹‹‹‹‹‹‹‹‹‹‹‹‹‹‹‹‹‹‹‹‹‹‹‹‹‹‹‹‹‹‹‹‹‹‹‹‹‹‹‹‹‹‹‹‹‹‹‹‹‹‹‹‹‹‹‹‹‹‹‹‹‹‹‹‹‹‹‹‹‹‹‹‹‹‹‹‹‹‹‹‹‹‹‹‹‹‹‹‹‹‹‹‹‹‹
CTNNBIP1 ‹‹‹‹‹‹‹‹‹‹‹‹‹‹‹‹‹‹‹‹‹‹‹‹‹‹‹‹‹‹‹‹‹‹‹‹‹‹‹‹‹‹‹‹‹‹‹‹‹‹‹‹‹‹‹‹‹‹‹‹‹‹‹‹‹‹‹‹‹‹‹‹‹‹‹‹‹‹‹‹‹‹‹‹‹‹‹‹‹‹‹‹‹‹‹‹‹‹‹‹‹‹‹‹‹‹‹‹‹‹‹‹‹‹‹‹‹‹‹‹‹‹‹‹‹‹‹‹‹‹‹‹‹‹‹‹‹‹‹‹‹‹‹‹‹‹‹‹‹‹‹‹‹‹‹
RefSeq genes from NCBI
RefSeq Curated
Publications: Sequences in Scientific Articles
Sequences
SNPs
OMIM Gene Phenotypes - Dark Green Can Be Disease-causing
OMIM Genes
Short Genetic Variants from dbSNP release 155
Common dbSNP(155)
Gene Expression in 54 tissues from GTEx RNA-seq of 17382 samples, 948 donors (V8, Aug 2019)
CTNNBIP1
H3K27Ac Mark (Often Found Near Active Regulatory Elements) on 7 cell lines from ENCODE
Layered H3K27Ac
100 vertebrates Basewise Conservation by PhyloP
4.88 _
100 Vert. Cons
-4.5 _
Multiz Alignments of 100 Vertebrates
Gaps2
Human	A	A	T	T	A	A	T	T	T	T	T	A	A	A	A
Rhesus	=	=	=	=	A	A	T	T	T	T	T	A	A	A	A
Mouse	=	=	=	=	=	=	=	=	=	=	=	=	=	=	=
Dog	=	=	=	=	=	=	=	=	=	=	=	=	=	=	=
Elephant	=	=	=	=	=	=	=	=	=	=	=	=	=	=	=
Chicken	=	=	=	=	=	=	=	=	=	=	=	=	=	=	=
X_tropicalis
Zebrafish
Repeating Elements by RepeatMasker
RepeatMasker
